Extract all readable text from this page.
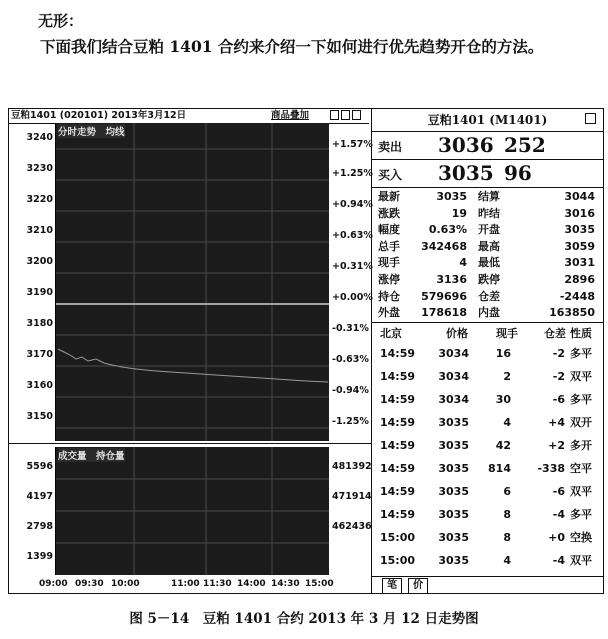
无形：
下面我们结合豆粕 1401 合约来介绍一下如何进行优先趋势开仓的方法。
豆粕1401 (020101) 2013年3月12日	商品叠加
分时走势　均线
3240
3230
3220
3210
3200
3190
3180
3170
3160
3150
+1.57%
+1.25%
+0.94%
+0.63%
+0.31%
+0.00%
-0.31%
-0.63%
-0.94%
-1.25%
成交量　持仓量
5596
4197
2798
1399
481392
471914
462436
09:00 09:30 10:00	11:00 11:30 14:00 14:30 15:00
豆粕1401 (M1401)
卖出 3036 252
买入 3035 96
最新	3035 结算	3044
涨跌	19 昨结	3016
幅度	0.63% 开盘	3035
总手 342468 最高	3059
现手	4 最低	3031
涨停	3136 跌停	2896
持仓 579696 仓差	-2448
外盘 178618 内盘	163850
北京	价格	现手 仓差 性质
14:59 3034 16	-2 多平
14:59 3034	2	-2 双平
14:59 3034 30	-6 多平
14:59 3035	4	+4 双开
14:59 3035 42	+2 多开
14:59 3035 814 -338 空平
14:59 3035	6	-6 双平
14:59 3035	8	-4 多平
15:00 3035	8	+0 空换
15:00 3035	4	-4 双平
笔	价
图 5－14　豆粕 1401 合约 2013 年 3 月 12 日走势图
